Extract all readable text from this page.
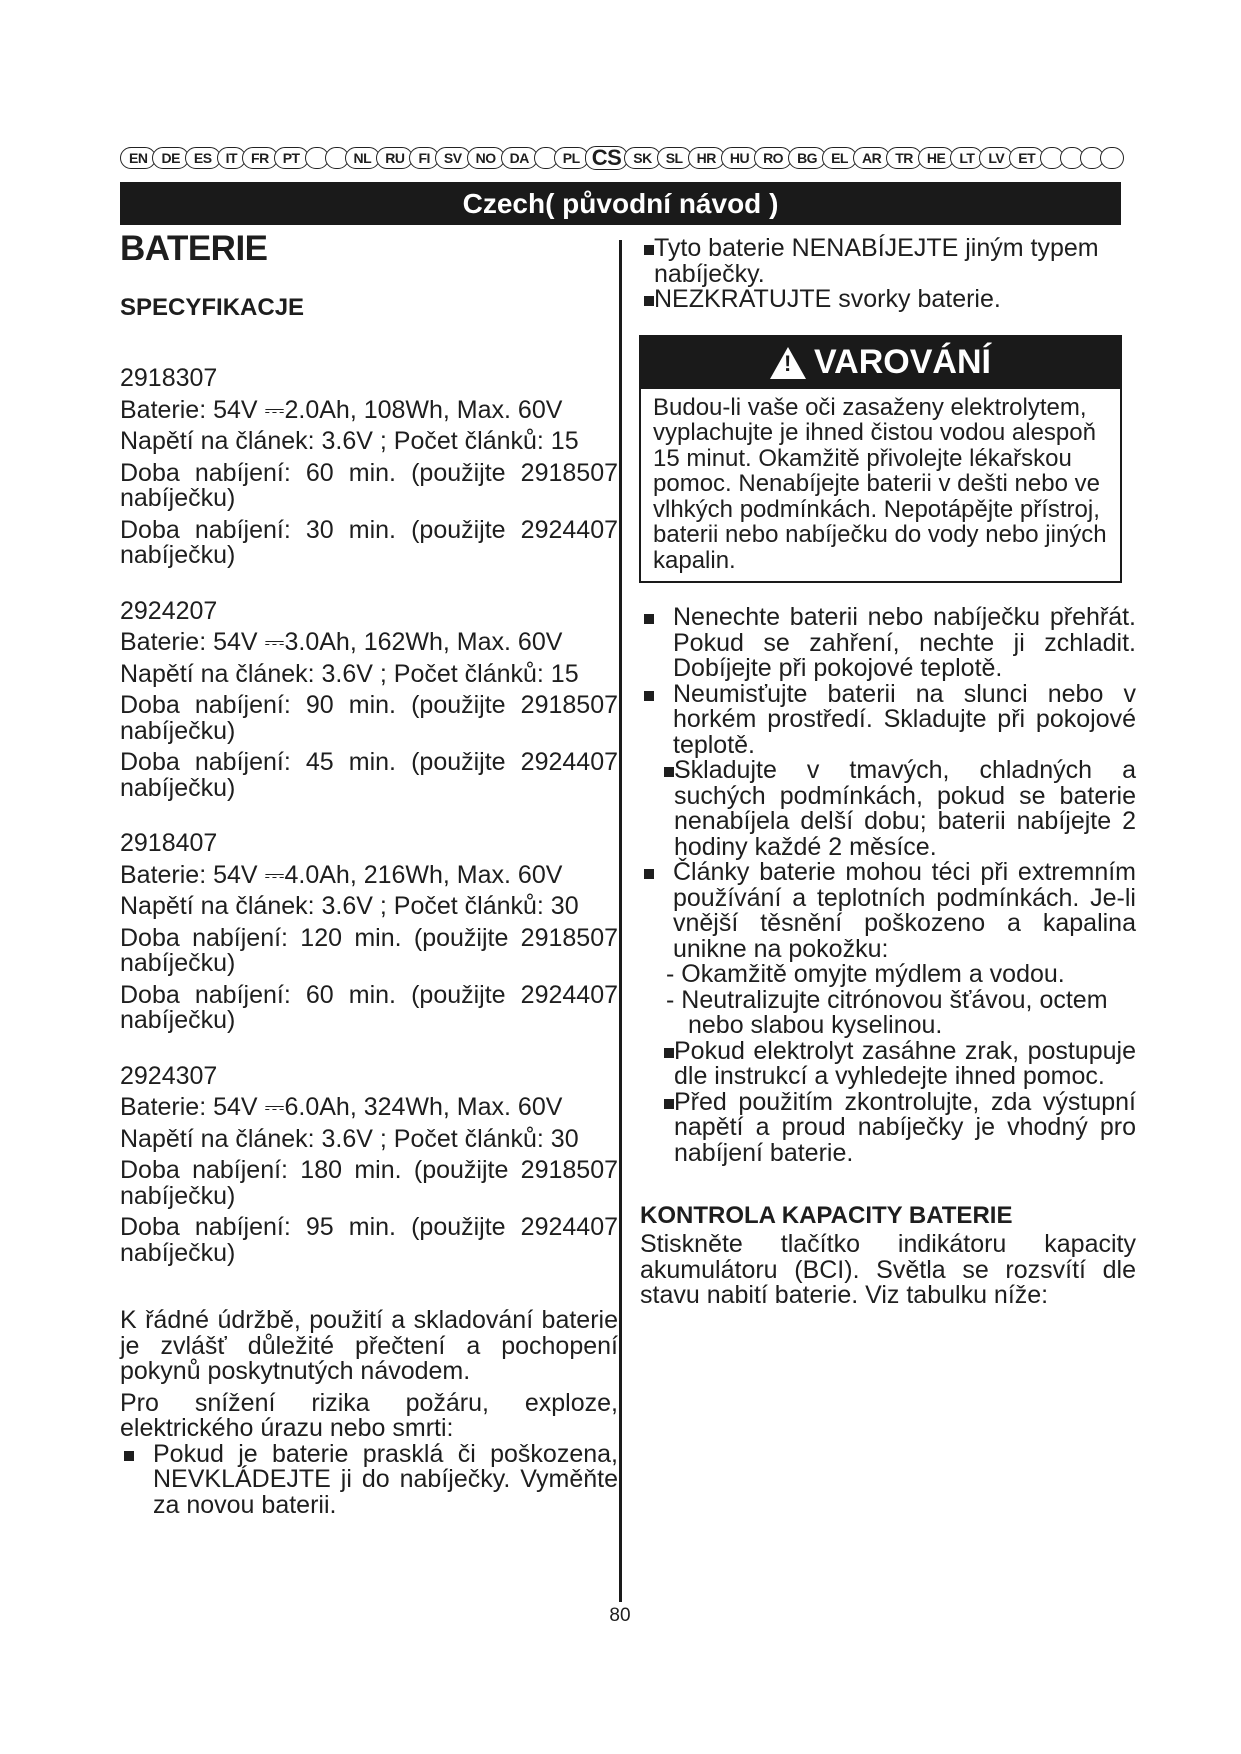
EN	DE	ES	IT	FR	PT	NL	RU	FI	SV	NO	DA	PL CS SK	SL	HR	HU	RO	BG	EL	AR	TR	HE	LT	LV	ET
Czech( původní návod )
BATERIE
SPECYFIKACJE

2918307

Baterie: 54V ⎓2.0Ah, 108Wh, Max. 60V

Napětí na článek: 3.6V ; Počet článků: 15

Doba nabíjení: 60 min. (použijte 2918507 nabíječku)

Doba nabíjení: 30 min. (použijte 2924407 nabíječku)

2924207

Baterie: 54V ⎓3.0Ah, 162Wh, Max. 60V

Napětí na článek: 3.6V ; Počet článků: 15

Doba nabíjení: 90 min. (použijte 2918507 nabíječku)

Doba nabíjení: 45 min. (použijte 2924407 nabíječku)

2918407

Baterie: 54V ⎓4.0Ah, 216Wh, Max. 60V

Napětí na článek: 3.6V ; Počet článků: 30

Doba nabíjení: 120 min. (použijte 2918507 nabíječku)

Doba nabíjení: 60 min. (použijte 2924407 nabíječku)

2924307

Baterie: 54V ⎓6.0Ah, 324Wh, Max. 60V

Napětí na článek: 3.6V ; Počet článků: 30

Doba nabíjení: 180 min. (použijte 2918507 nabíječku)

Doba nabíjení: 95 min. (použijte 2924407 nabíječku)

K řádné údržbě, použití a skladování baterie je zvlášť důležité přečtení a pochopení pokynů poskytnutých návodem.

Pro snížení rizika požáru, exploze, elektrického úrazu nebo smrti:

Pokud je baterie prasklá či poškozena, NEVKLÁDEJTE ji do nabíječky. Vyměňte za novou baterii.
Tyto baterie NENABÍJEJTE jiným typem nabíječky.
NEZKRATUJTE svorky baterie.
!
VAROVÁNÍ
Budou-li vaše oči zasaženy elektrolytem, vyplachujte je ihned čistou vodou alespoň 15 minut. Okamžitě přivolejte lékařskou pomoc. Nenabíjejte baterii v dešti nebo ve vlhkých podmínkách. Nepotápějte přístroj, baterii nebo nabíječku do vody nebo jiných kapalin.
Nenechte baterii nebo nabíječku přehřát. Pokud se zahření, nechte ji zchladit. Dobíjejte při pokojové teplotě.
Neumisťujte baterii na slunci nebo v horkém prostředí. Skladujte při pokojové teplotě.
Skladujte v tmavých, chladných a suchých podmínkách, pokud se baterie nenabíjela delší dobu; baterii nabíjejte 2 hodiny každé 2 měsíce.
Články baterie mohou téci při extremním používání a teplotních podmínkách. Je-li vnější těsnění poškozeno a kapalina unikne na pokožku:

- Okamžitě omyjte mýdlem a vodou.

- Neutralizujte citrónovou šťávou, octem

nebo slabou kyselinou.

Pokud elektrolyt zasáhne zrak, postupuje dle instrukcí a vyhledejte ihned pomoc.
Před použitím zkontrolujte, zda výstupní napětí a proud nabíječky je vhodný pro nabíjení baterie.
KONTROLA KAPACITY BATERIE

Stiskněte tlačítko indikátoru kapacity akumulátoru (BCI). Světla se rozsvítí dle stavu nabití baterie. Viz tabulku níže:

80
